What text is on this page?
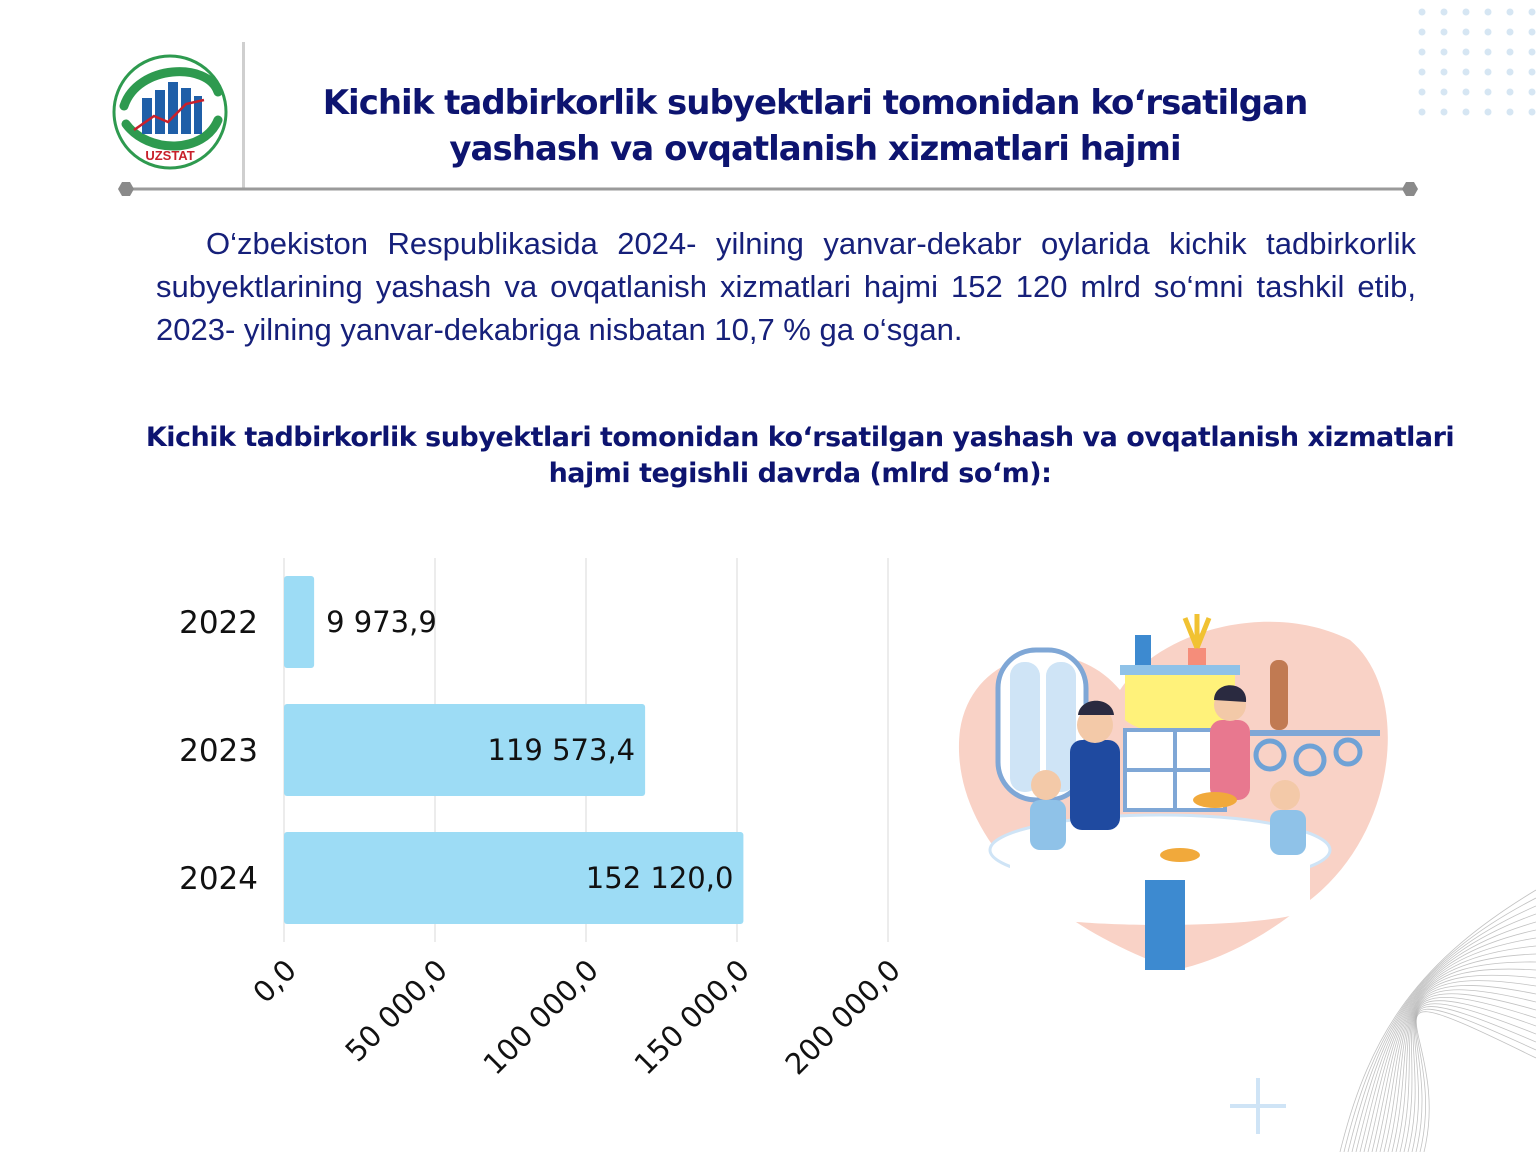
UZSTAT
Kichik tadbirkorlik subyektlari tomonidan ko‘rsatilgan yashash va ovqatlanish xizmatlari hajmi

O‘zbekiston Respublikasida 2024- yilning yanvar-dekabr oylarida kichik tadbirkorlik subyektlarining yashash va ovqatlanish xizmatlari hajmi 152 120 mlrd so‘mni tashkil etib, 2023- yilning yanvar-dekabriga nisbatan 10,7 % ga o‘sgan.

Kichik tadbirkorlik subyektlari tomonidan ko‘rsatilgan yashash va ovqatlanish xizmatlari hajmi tegishli davrda (mlrd so‘m):
0,0 50 000,0 100 000,0 150 000,0 200 000,0
2022 9 973,9
2023	119 573,4
2024	152 120,0
